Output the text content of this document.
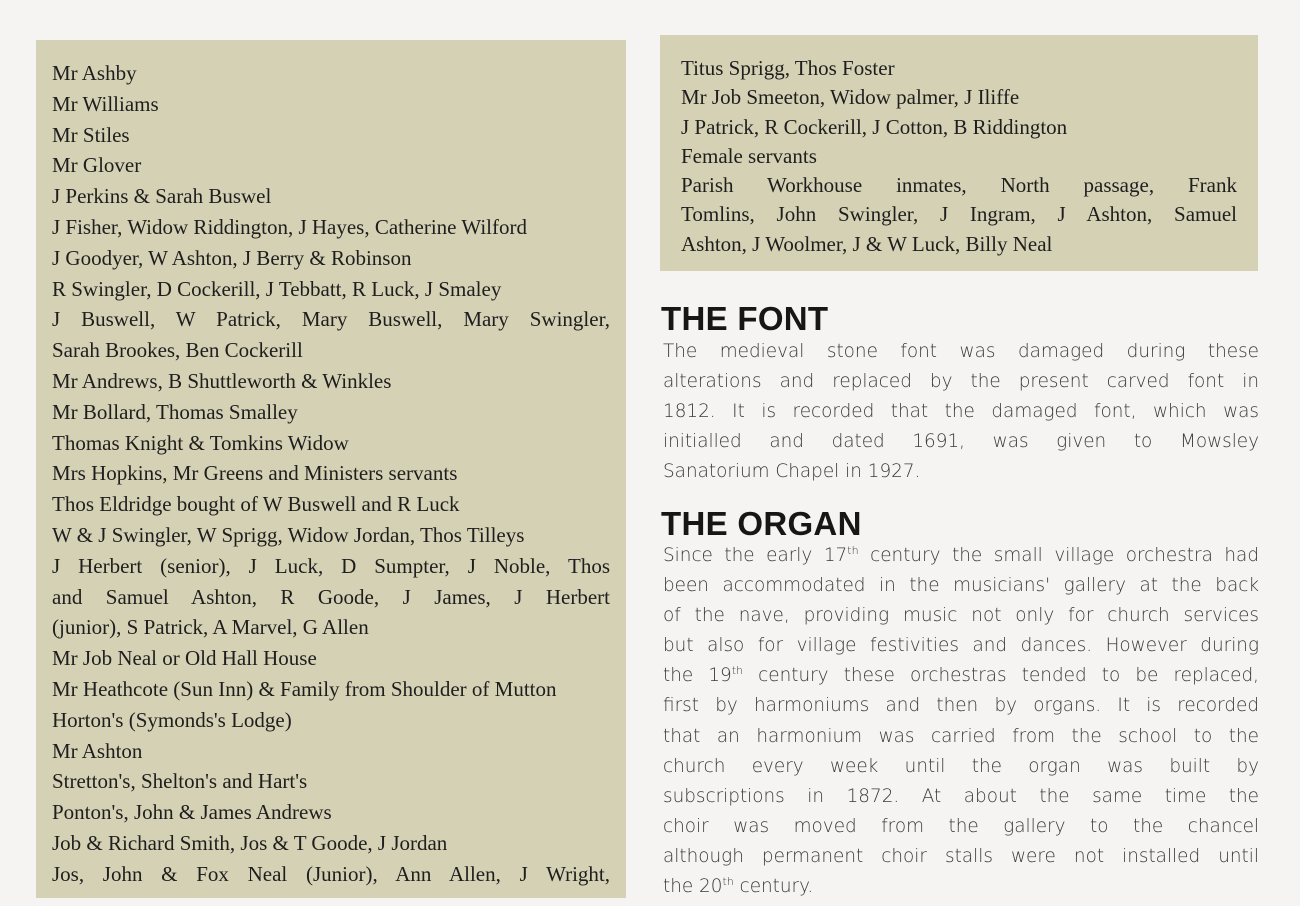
Mr Ashby
Mr Williams
Mr Stiles
Mr Glover
J Perkins & Sarah Buswel
J Fisher, Widow Riddington, J Hayes, Catherine Wilford
J Goodyer, W Ashton, J Berry & Robinson
R Swingler, D Cockerill, J Tebbatt, R Luck, J Smaley
J Buswell, W Patrick, Mary Buswell, Mary Swingler,
Sarah Brookes, Ben Cockerill
Mr Andrews, B Shuttleworth & Winkles
Mr Bollard, Thomas Smalley
Thomas Knight & Tomkins Widow
Mrs Hopkins, Mr Greens and Ministers servants
Thos Eldridge bought of W Buswell and R Luck
W & J Swingler, W Sprigg, Widow Jordan, Thos Tilleys
J Herbert (senior), J Luck, D Sumpter, J Noble, Thos
and Samuel Ashton, R Goode, J James, J Herbert
(junior), S Patrick, A Marvel, G Allen
Mr Job Neal or Old Hall House
Mr Heathcote (Sun Inn) & Family from Shoulder of Mutton
Horton's (Symonds's Lodge)
Mr Ashton
Stretton's, Shelton's and Hart's
Ponton's, John & James Andrews
Job & Richard Smith, Jos & T Goode, J Jordan
Jos, John & Fox Neal (Junior), Ann Allen, J Wright,
Titus Sprigg, Thos Foster
Mr Job Smeeton, Widow palmer, J Iliffe
J Patrick, R Cockerill, J Cotton, B Riddington
Female servants
Parish Workhouse inmates, North passage, Frank
Tomlins, John Swingler, J Ingram, J Ashton, Samuel
Ashton, J Woolmer, J & W Luck, Billy Neal
THE FONT
The medieval stone font was damaged during these
alterations and replaced by the present carved font in
1812. It is recorded that the damaged font, which was
initialled and dated 1691, was given to Mowsley
Sanatorium Chapel in 1927.
THE ORGAN
Since the early 17th century the small village orchestra had
been accommodated in the musicians' gallery at the back
of the nave, providing music not only for church services
but also for village festivities and dances. However during
the 19th century these orchestras tended to be replaced,
first by harmoniums and then by organs. It is recorded
that an harmonium was carried from the school to the
church every week until the organ was built by
subscriptions in 1872. At about the same time the
choir was moved from the gallery to the chancel
although permanent choir stalls were not installed until
the 20th century.
